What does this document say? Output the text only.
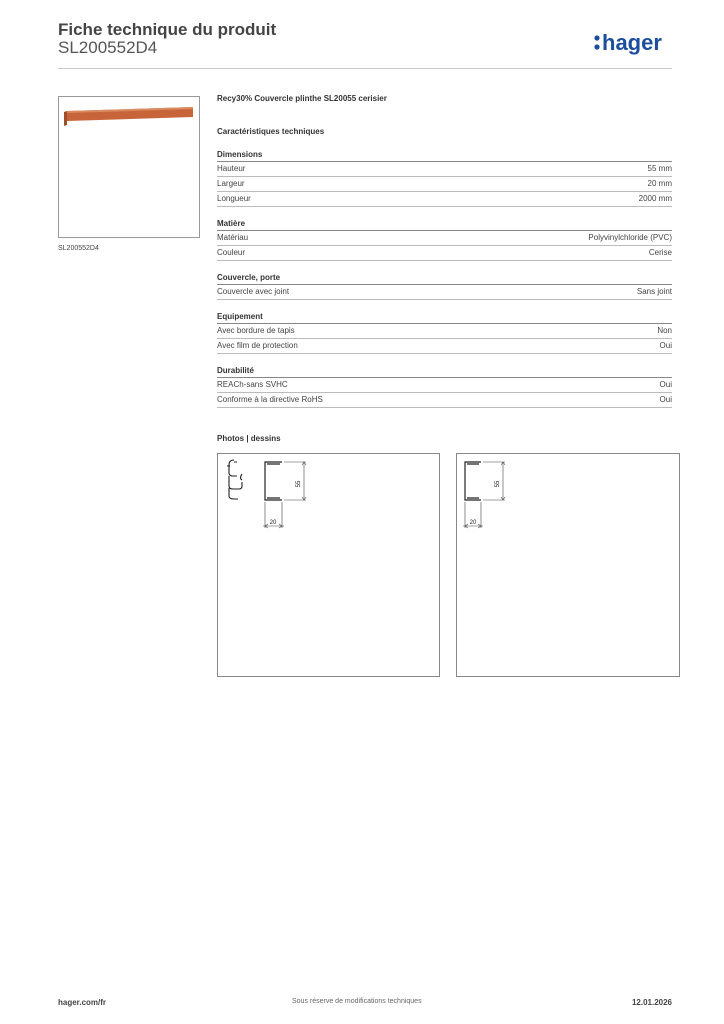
Fiche technique du produit
SL200552D4	hager
SL200552D4
Recy30% Couvercle plinthe SL20055 cerisier
Caractéristiques techniques
Dimensions
Hauteur	55 mm
Largeur	20 mm
Longueur	2000 mm
Matière
Matériau	Polyvinylchloride (PVC)
Couleur	Cerise
Couvercle, porte
Couvercle avec joint	Sans joint
Equipement
Avec bordure de tapis	Non
Avec film de protection	Oui
Durabilité
REACh-sans SVHC	Oui
Conforme à la directive RoHS	Oui
Photos | dessins
55
20
55
20
hager.com/fr	Sous réserve de modifications techniques	12.01.2026
